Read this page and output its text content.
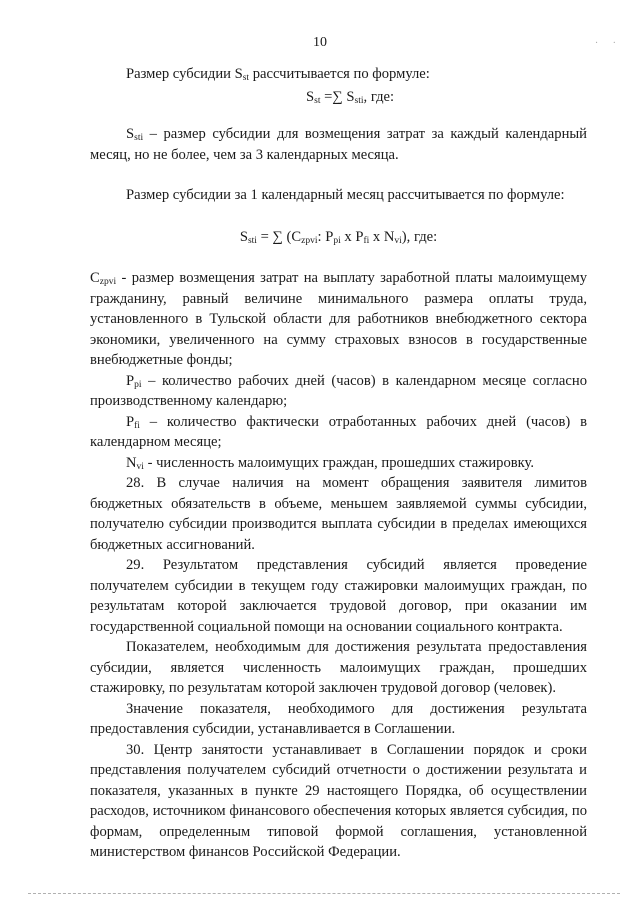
10	· ·

Размер субсидии $S_{st}$ рассчитывается по формуле:

$S_{st}$ =∑ $S_{sti}$, где:

$S_{sti}$ – размер субсидии для возмещения затрат за каждый календарный месяц, но не более, чем за 3 календарных месяца.

Размер субсидии за 1 календарный месяц рассчитывается по формуле:

$S_{sti}$ = ∑ ($C_{zpvi}$: $P_{pi}$ x $P_{fi}$ x $N_{vi}$), где:

$C_{zpvi}$ - размер возмещения затрат на выплату заработной платы малоимущему гражданину, равный величине минимального размера оплаты труда, установленного в Тульской области для работников внебюджетного сектора экономики, увеличенного на сумму страховых взносов в государственные внебюджетные фонды;

$P_{pi}$ – количество рабочих дней (часов) в календарном месяце согласно производственному календарю;

$P_{fi}$ – количество фактически отработанных рабочих дней (часов) в календарном месяце;

$N_{vi}$ - численность малоимущих граждан, прошедших стажировку.

28. В случае наличия на момент обращения заявителя лимитов бюджетных обязательств в объеме, меньшем заявляемой суммы субсидии, получателю субсидии производится выплата субсидии в пределах имеющихся бюджетных ассигнований.

29. Результатом представления субсидий является проведение получателем субсидии в текущем году стажировки малоимущих граждан, по результатам которой заключается трудовой договор, при оказании им государственной социальной помощи на основании социального контракта.

Показателем, необходимым для достижения результата предоставления субсидии, является численность малоимущих граждан, прошедших стажировку, по результатам которой заключен трудовой договор (человек).

Значение показателя, необходимого для достижения результата предоставления субсидии, устанавливается в Соглашении.

30. Центр занятости устанавливает в Соглашении порядок и сроки представления получателем субсидий отчетности о достижении результата и показателя, указанных в пункте 29 настоящего Порядка, об осуществлении расходов, источником финансового обеспечения которых является субсидия, по формам, определенным типовой формой соглашения, установленной министерством финансов Российской Федерации.
